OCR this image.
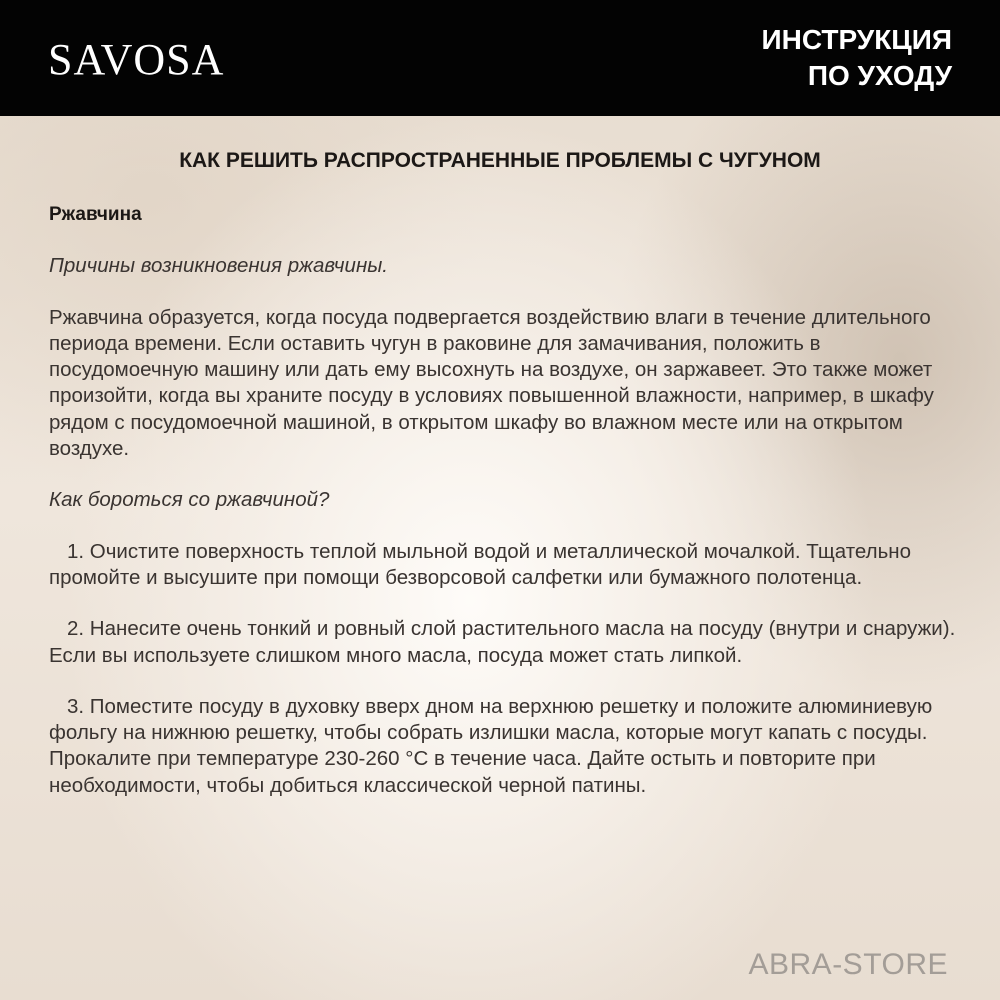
SAVOSA	ИНСТРУКЦИЯ
ПО УХОДУ
КАК РЕШИТЬ РАСПРОСТРАНЕННЫЕ ПРОБЛЕМЫ С ЧУГУНОМ

Ржавчина

Причины возникновения ржавчины.

Ржавчина образуется, когда посуда подвергается воздействию влаги в течение длительного периода времени. Если оставить чугун в раковине для замачивания, положить в посудомоечную машину или дать ему высохнуть на воздухе, он заржавеет. Это также может произойти, когда вы храните посуду в условиях повышенной влажности, например, в шкафу рядом с посудомоечной машиной, в открытом шкафу во влажном месте или на открытом воздухе.

Как бороться со ржавчиной?

1. Очистите поверхность теплой мыльной водой и металлической мочалкой. Тщательно промойте и высушите при помощи безворсовой салфетки или бумажного полотенца.

2. Нанесите очень тонкий и ровный слой растительного масла на посуду (внутри и снаружи). Если вы используете слишком много масла, посуда может стать липкой.

3. Поместите посуду в духовку вверх дном на верхнюю решетку и положите алюминиевую фольгу на нижнюю решетку, чтобы собрать излишки масла, которые могут капать с посуды. Прокалите при температуре 230-260 °C в течение часа. Дайте остыть и повторите при необходимости, чтобы добиться классической черной патины.

ABRA-STORE
